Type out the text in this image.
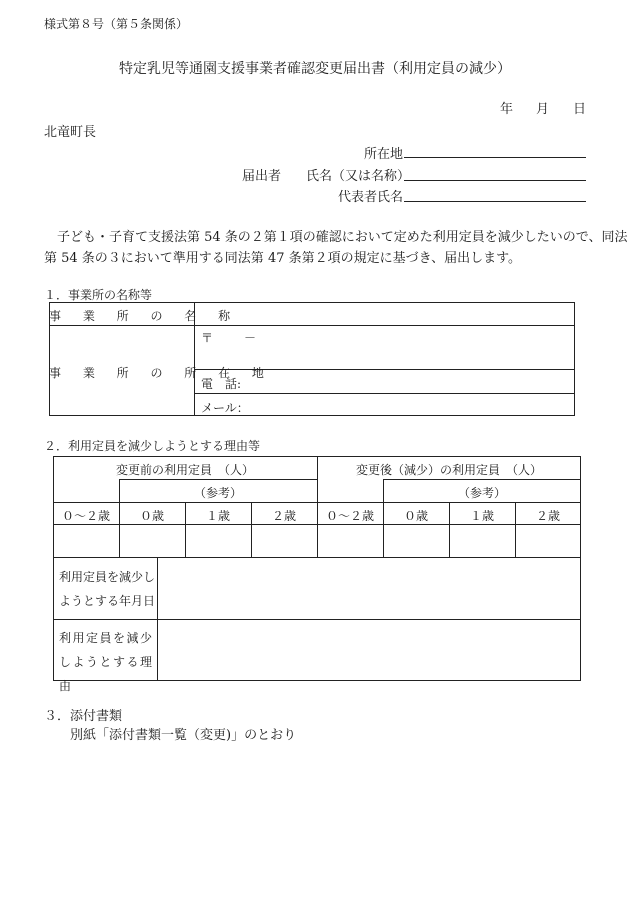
様式第８号（第５条関係）
特定乳児等通園支援事業者確認変更届出書（利用定員の減少）
年 月 日
北竜町長
所在地
届出者 氏名（又は名称）
代表者氏名
子ども・子育て支援法第 54 条の２第１項の確認において定めた利用定員を減少したいので、同法
第 54 条の３において準用する同法第 47 条第２項の規定に基づき、届出します。
１．事業所の名称等
事 業 所 の 名 称
事 業 所 の 所 在 地
〒	－
電　話:
メール：
２．利用定員を減少しようとする理由等
変更前の利用定員　（人）	変更後（減少）の利用定員　（人）
（参考）	（参考）
０～２歳	０歳	１歳	２歳	０～２歳	０歳	１歳	２歳
利用定員を減少しようとする年月日
利用定員を減少しようとする理由
３．添付書類
別紙「添付書類一覧（変更)」のとおり
